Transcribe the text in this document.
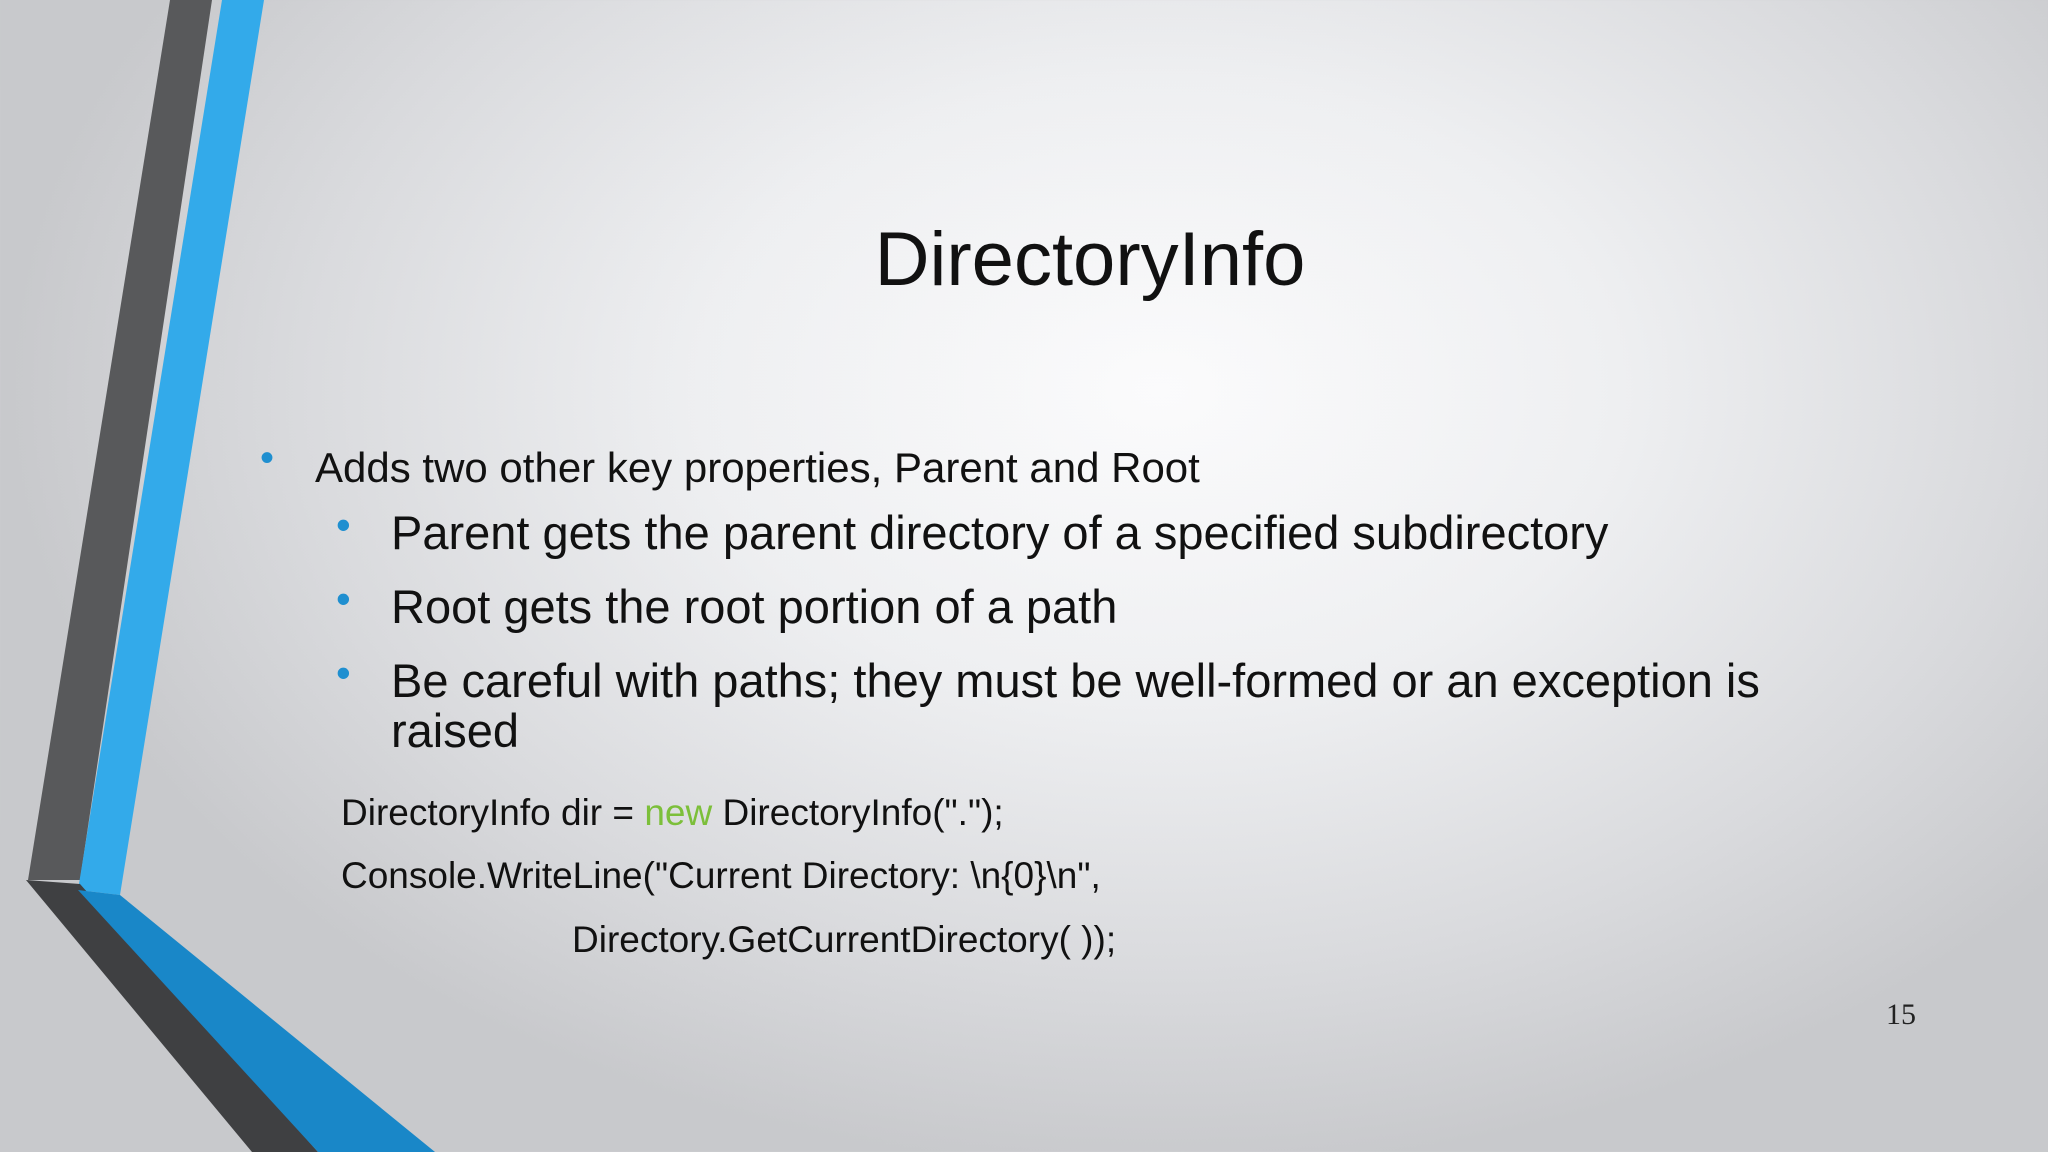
DirectoryInfo
• Adds two other key properties, Parent and Root
• Parent gets the parent directory of a specified subdirectory
• Root gets the root portion of a path
• Be careful with paths; they must be well-formed or an exception is raised
DirectoryInfo dir = new DirectoryInfo(".");
Console.WriteLine("Current Directory: \n{0}\n",
Directory.GetCurrentDirectory( ));
15
